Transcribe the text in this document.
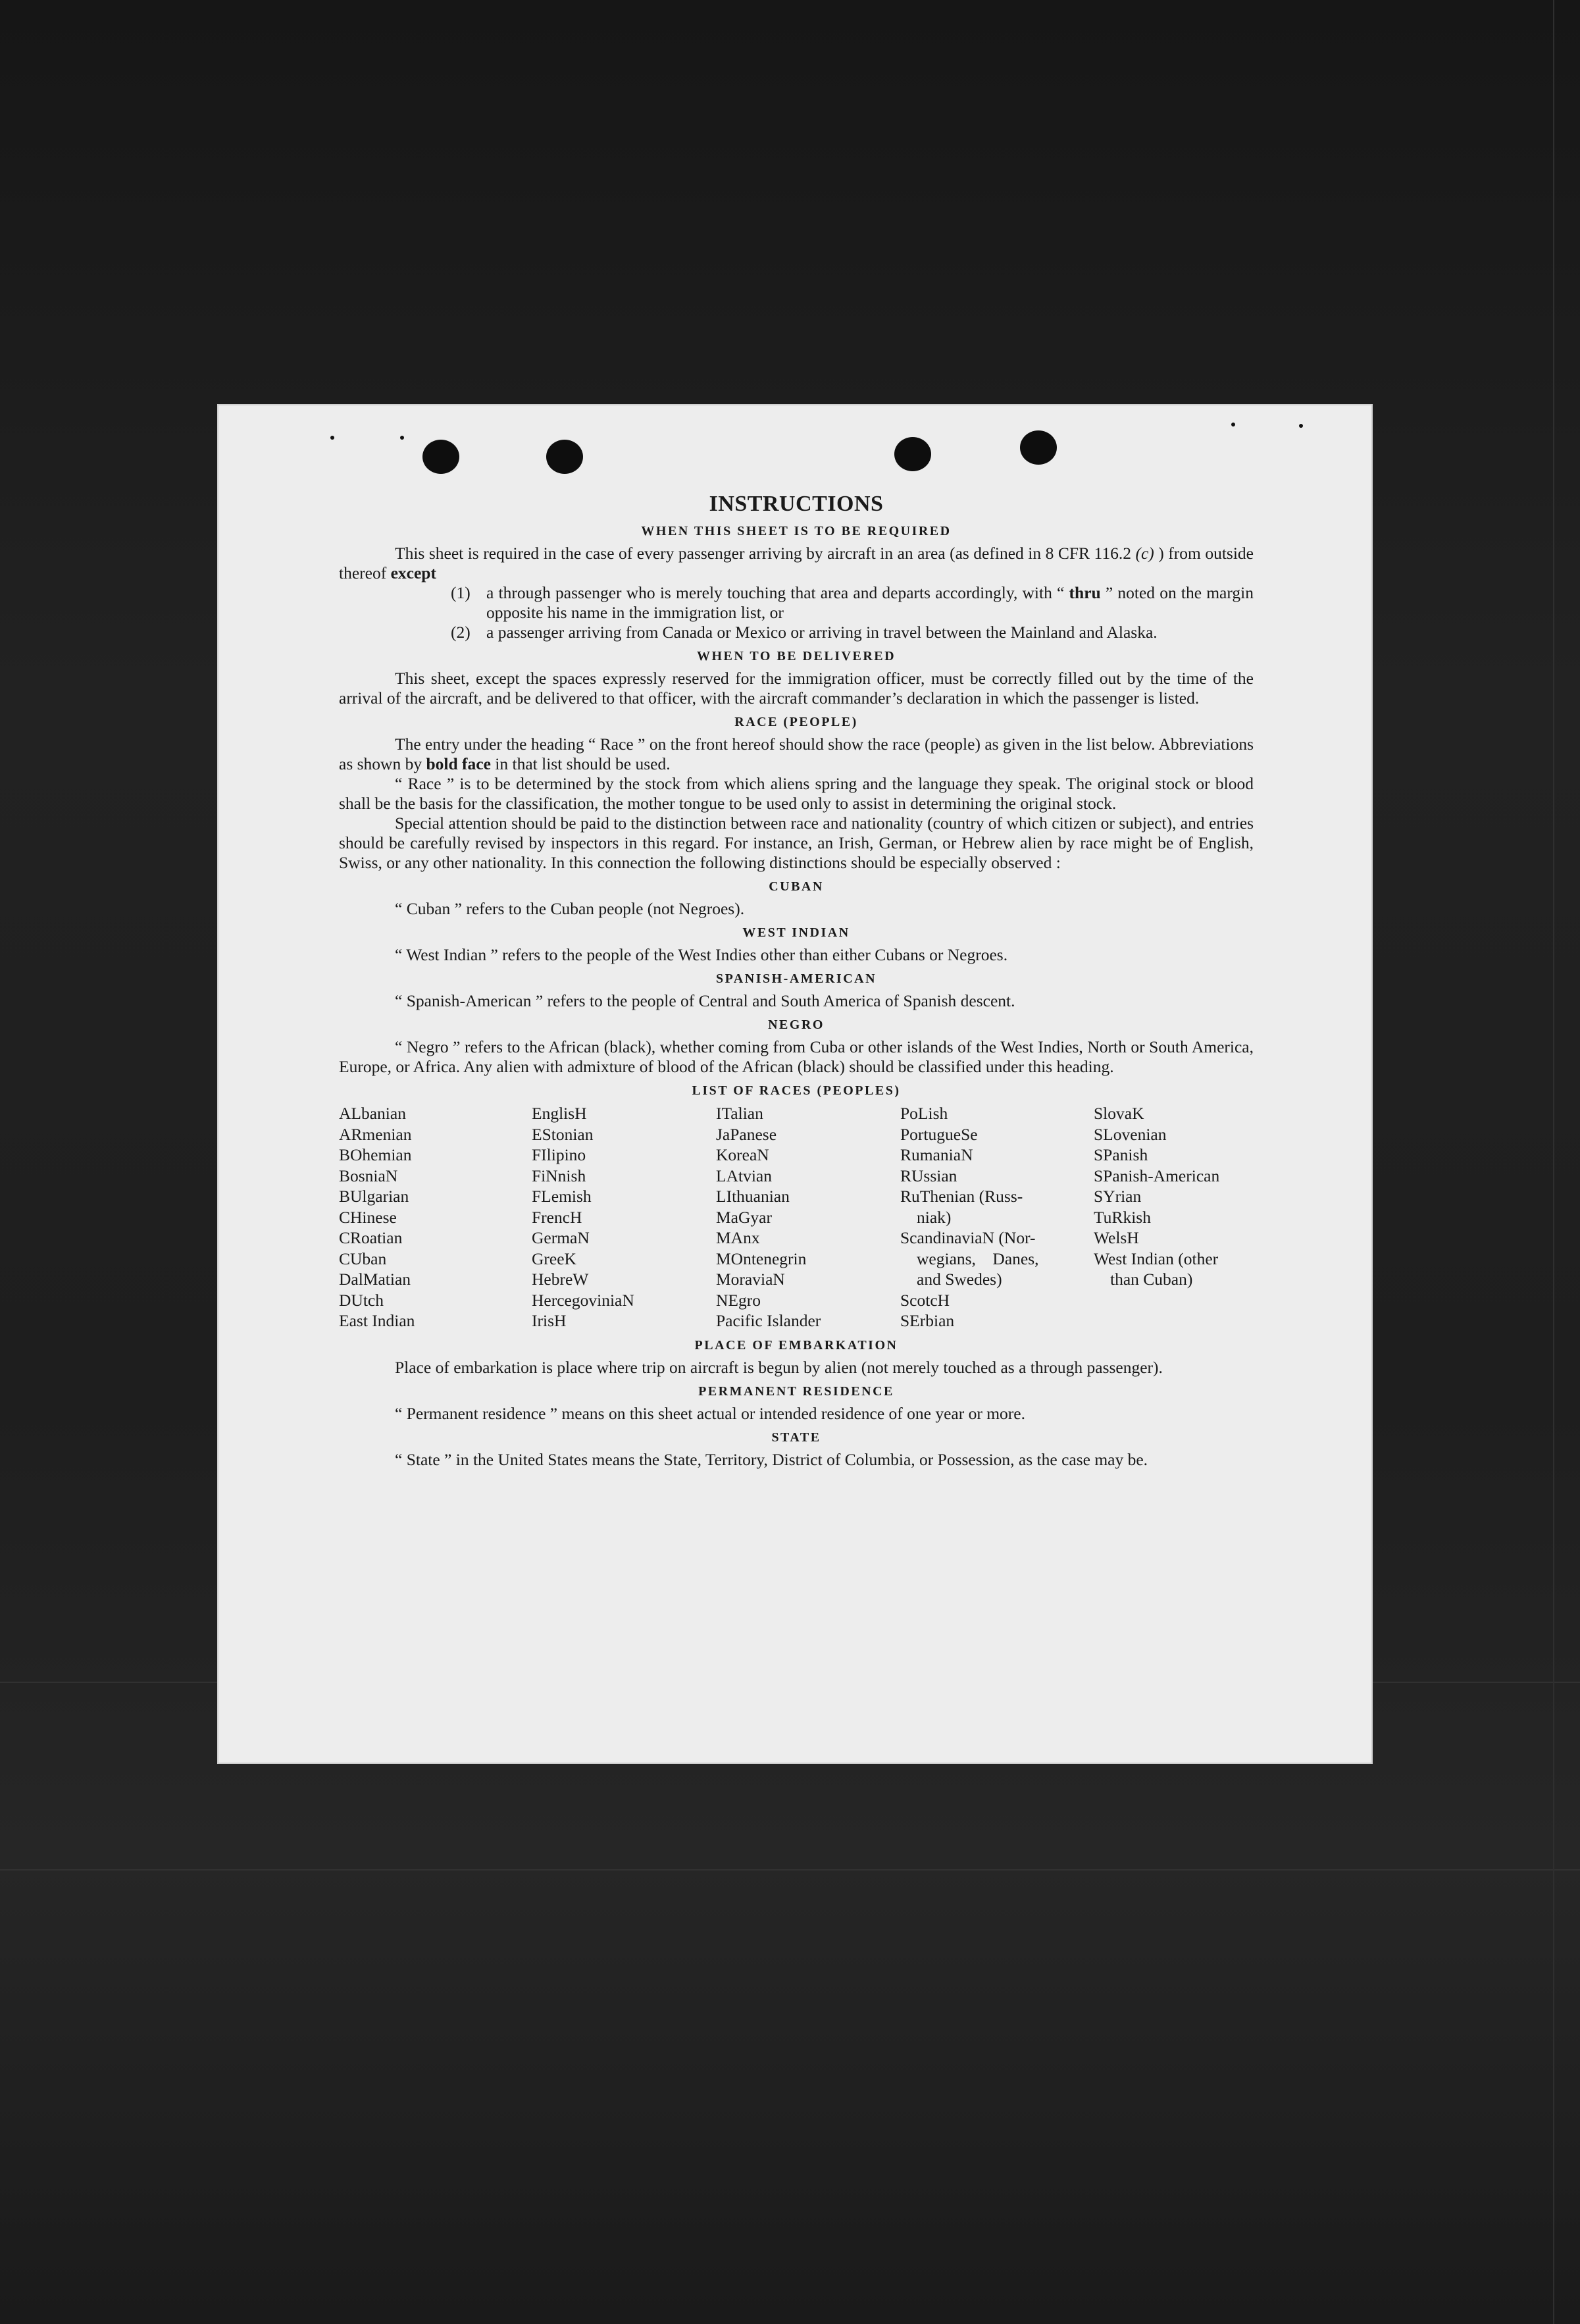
INSTRUCTIONS
WHEN THIS SHEET IS TO BE REQUIRED

This sheet is required in the case of every passenger arriving by aircraft in an area (as defined in 8 CFR 116.2 (c) ) from outside thereof except

(1) a through passenger who is merely touching that area and departs accordingly, with “ thru ” noted on the margin opposite his name in the immigration list, or
(2) a passenger arriving from Canada or Mexico or arriving in travel between the Mainland and Alaska.
WHEN TO BE DELIVERED

This sheet, except the spaces expressly reserved for the immigration officer, must be correctly filled out by the time of the arrival of the aircraft, and be delivered to that officer, with the aircraft commander’s declaration in which the passenger is listed.

RACE (PEOPLE)

The entry under the heading “ Race ” on the front hereof should show the race (people) as given in the list below. Abbreviations as shown by bold face in that list should be used.

“ Race ” is to be determined by the stock from which aliens spring and the language they speak. The original stock or blood shall be the basis for the classification, the mother tongue to be used only to assist in determining the original stock.

Special attention should be paid to the distinction between race and nationality (country of which citizen or subject), and entries should be carefully revised by inspectors in this regard. For instance, an Irish, German, or Hebrew alien by race might be of English, Swiss, or any other nationality. In this connection the following distinctions should be especially observed :

CUBAN

“ Cuban ” refers to the Cuban people (not Negroes).

WEST INDIAN

“ West Indian ” refers to the people of the West Indies other than either Cubans or Negroes.

SPANISH-AMERICAN

“ Spanish-American ” refers to the people of Central and South America of Spanish descent.

NEGRO

“ Negro ” refers to the African (black), whether coming from Cuba or other islands of the West Indies, North or South America, Europe, or Africa. Any alien with admixture of blood of the African (black) should be classified under this heading.

LIST OF RACES (PEOPLES)
ALbanian	EnglisH	ITalian	PoLish	SlovaK
ARmenian	EStonian	JaPanese	PortugueSe	SLovenian
BOhemian	FIlipino	KoreaN	RumaniaN	SPanish
BosniaN	FiNnish	LAtvian	RUssian	SPanish-American
BUlgarian	FLemish	LIthuanian	RuThenian (Russ-	SYrian
CHinese	FrencH	MaGyar	niak)	TuRkish
CRoatian	GermaN	MAnx	ScandinaviaN (Nor-	WelsH
CUban	GreeK	MOntenegrin	wegians,    Danes,	West Indian (other
DalMatian	HebreW	MoraviaN	and Swedes)	than Cuban)
DUtch	HercegoviniaN	NEgro	ScotcH
East Indian	IrisH	Pacific Islander	SErbian
PLACE OF EMBARKATION

Place of embarkation is place where trip on aircraft is begun by alien (not merely touched as a through passenger).

PERMANENT RESIDENCE

“ Permanent residence ” means on this sheet actual or intended residence of one year or more.

STATE

“ State ” in the United States means the State, Territory, District of Columbia, or Possession, as the case may be.
